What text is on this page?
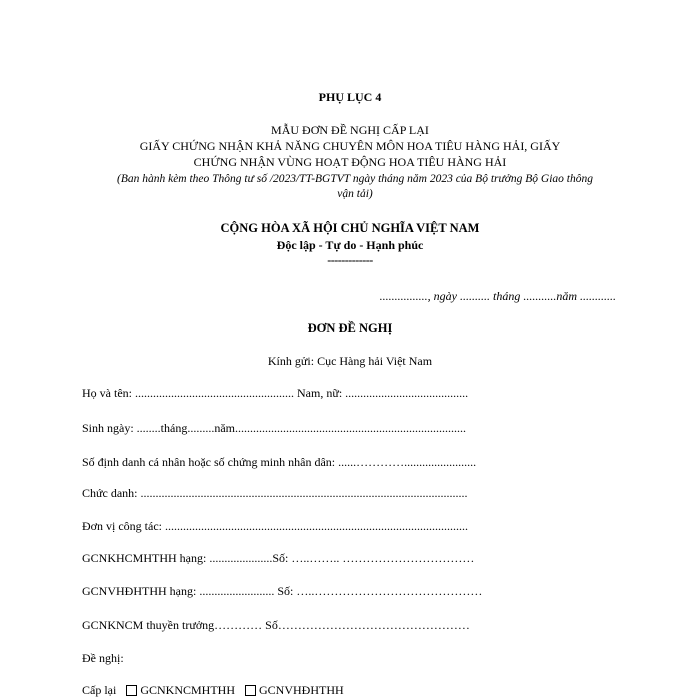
PHỤ LỤC 4
MẪU ĐƠN ĐỀ NGHỊ CẤP LẠI
GIẤY CHỨNG NHẬN KHẢ NĂNG CHUYÊN MÔN HOA TIÊU HÀNG HẢI, GIẤY
CHỨNG NHẬN VÙNG HOẠT ĐỘNG HOA TIÊU HÀNG HẢI
(Ban hành kèm theo Thông tư số /2023/TT-BGTVT ngày tháng năm 2023 của Bộ trưởng Bộ Giao thông vận tải)
CỘNG HÒA XÃ HỘI CHỦ NGHĨA VIỆT NAM
Độc lập - Tự do - Hạnh phúc
-------------
................, ngày .......... tháng ...........năm ............
ĐƠN ĐỀ NGHỊ
Kính gửi: Cục Hàng hải Việt Nam
Họ và tên: ..................................................... Nam, nữ: .........................................
Sinh ngày: ........tháng.........năm.............................................................................
Số định danh cá nhân hoặc số chứng minh nhân dân: ......…………........................
Chức danh: .............................................................................................................
Đơn vị công tác: .....................................................................................................
GCNKHCMHTHH hạng: .....................Số: …..…….. ……………………………
GCNVHĐHTHH hạng: ......................... Số: …..……………………………………
GCNKNCM thuyền trưởng………… Số…………………………………………
Đề nghị:
Cấp lại GCNKNCMHTHH GCNVHĐHTHH
